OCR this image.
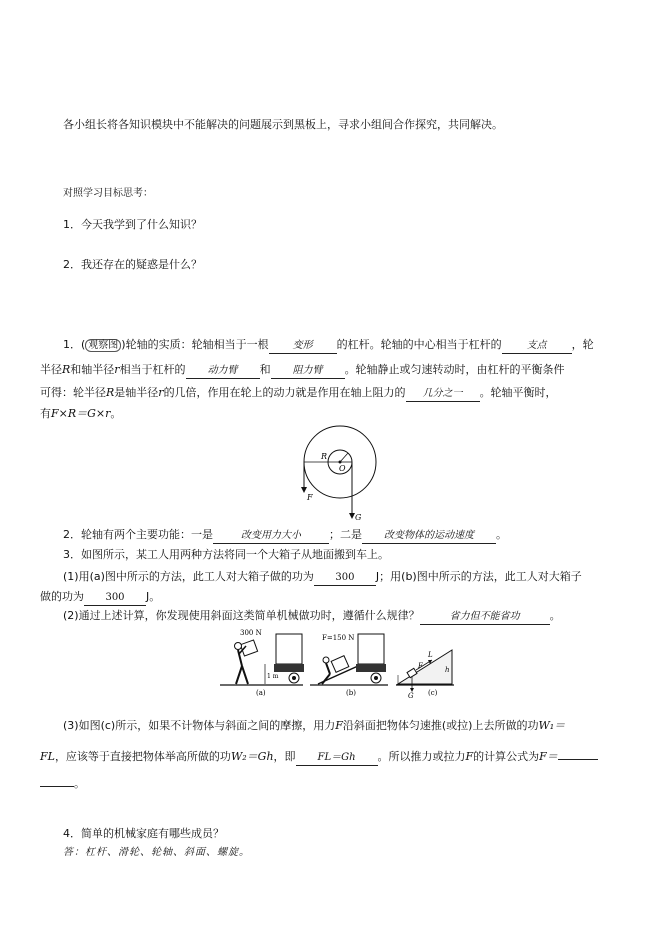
各小组长将各知识模块中不能解决的问题展示到黑板上，寻求小组间合作探究，共同解决。
对照学习目标思考：
1．今天我学到了什么知识？
2．我还存在的疑惑是什么？
1．( 观察图 )轮轴的实质：轮轴相当于一根 变形 的杠杆。轮轴的中心相当于杠杆的	支点 ，轮
半径R和轴半径r相当于杠杆的 动力臂 和 阻力臂 。轮轴静止或匀速转动时，由杠杆的平衡条件
可得：轮半径R是轴半径r的几倍，作用在轮上的动力就是作用在轴上阻力的 几分之一 。轮轴平衡时，
有F×R＝G×r。
R
O
F
G
2．轮轴有两个主要功能：一是	改变用力大小	；二是 改变物体的运动速度 。
3．如图所示，某工人用两种方法将同一个大箱子从地面搬到车上。
(1)用(a)图中所示的方法，此工人对大箱子做的功为 300 J；用(b)图中所示的方法，此工人对大箱子
做的功为 300 J。
(2)通过上述计算，你发现使用斜面这类简单机械做功时，遵循什么规律？	省力但不能省功	。
300 N
1 m
F=150 N
L
F	h
G
(a)	(b)	(c)
(3)如图(c)所示，如果不计物体与斜面之间的摩擦，用力F沿斜面把物体匀速推(或拉)上去所做的功W₁＝
FL，应该等于直接把物体举高所做的功W₂＝Gh，即 FL＝Gh 。所以推力或拉力F的计算公式为F＝
。
4．简单的机械家庭有哪些成员？
答：杠杆、滑轮、轮轴、斜面、螺旋。
